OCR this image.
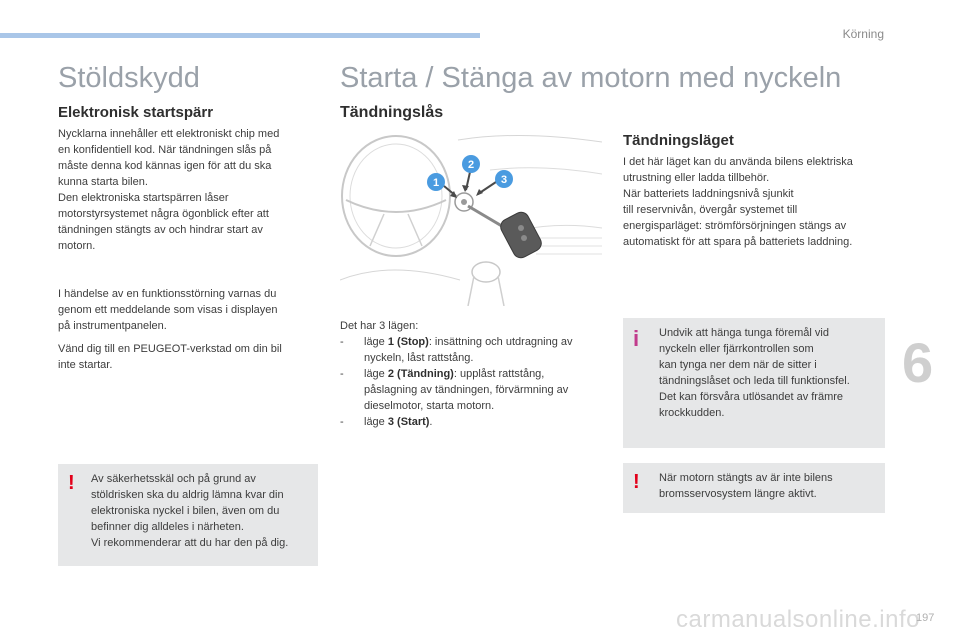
Körning
Stöldskydd
Elektronisk startspärr

Nycklarna innehåller ett elektroniskt chip med

en konfidentiell kod. När tändningen slås på

måste denna kod kännas igen för att du ska

kunna starta bilen.

Den elektroniska startspärren låser

motorstyrsystemet några ögonblick efter att

tändningen stängts av och hindrar start av

motorn.

I händelse av en funktionsstörning varnas du

genom ett meddelande som visas i displayen

på instrumentpanelen.

Vänd dig till en PEUGEOT-verkstad om din bil

inte startar.

! Av säkerhetsskäl och på grund av

stöldrisken ska du aldrig lämna kvar din

elektroniska nyckel i bilen, även om du

befinner dig alldeles i närheten.

Vi rekommenderar att du har den på dig.

Starta / Stänga av motorn med nyckeln
Tändningslås
1
2
3

Det har 3 lägen:

- läge 1 (Stop): insättning och utdragning av
nyckeln, låst rattstång.
- läge 2 (Tändning): upplåst rattstång,
påslagning av tändningen, förvärmning av
dieselmotor, starta motorn.
- läge 3 (Start).
Tändningsläget

I det här läget kan du använda bilens elektriska

utrustning eller ladda tillbehör.

När batteriets laddningsnivå sjunkit

till reservnivån, övergår systemet till

energisparläget: strömförsörjningen stängs av

automatiskt för att spara på batteriets laddning.

i Undvik att hänga tunga föremål vid

nyckeln eller fjärrkontrollen som

kan tynga ner dem när de sitter i

tändningslåset och leda till funktionsfel.

Det kan försvåra utlösandet av främre

krockkudden.

! När motorn stängts av är inte bilens

bromsservosystem längre aktivt.

6
carmanualsonline.info
197
